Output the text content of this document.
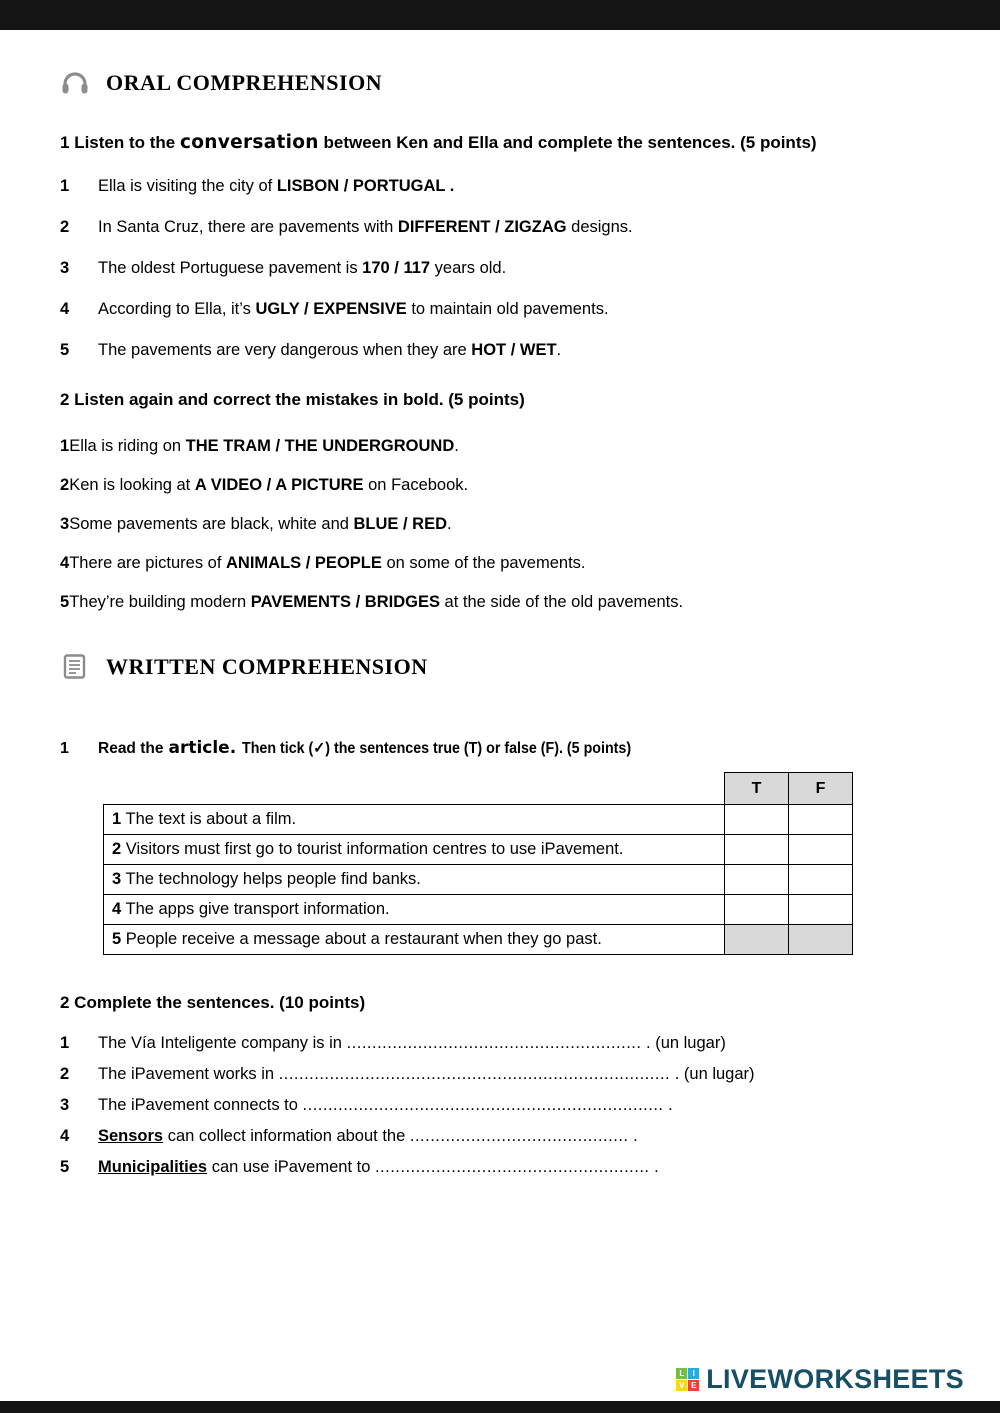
ORAL COMPREHENSION

1 Listen to the conversation between Ken and Ella and complete the sentences. (5 points)

1 Ella is visiting the city of LISBON / PORTUGAL .
2 In Santa Cruz, there are pavements with DIFFERENT / ZIGZAG designs.
3 The oldest Portuguese pavement is 170 / 117 years old.
4 According to Ella, it’s UGLY / EXPENSIVE to maintain old pavements.
5 The pavements are very dangerous when they are HOT / WET.

2 Listen again and correct the mistakes in bold. (5 points)

1Ella is riding on THE TRAM / THE UNDERGROUND.

2Ken is looking at A VIDEO / A PICTURE on Facebook.

3Some pavements are black, white and BLUE / RED.

4There are pictures of ANIMALS / PEOPLE on some of the pavements.

5They’re building modern PAVEMENTS / BRIDGES at the side of the old pavements.

WRITTEN COMPREHENSION
1	Read the article. Then tick (✓) the sentences true (T) or false (F). (5 points)
	T	F
1 The text is about a film.		
2 Visitors must first go to tourist information centres to use iPavement.		
3 The technology helps people find banks.		
4 The apps give transport information.		
5 People receive a message about a restaurant when they go past.		

2 Complete the sentences. (10 points)

1 The Vía Inteligente company is in .......................................................... . (un lugar)
2 The iPavement works in ............................................................................. . (un lugar)
3 The iPavement connects to ....................................................................... .
4 Sensors can collect information about the ........................................... .
5 Municipalities can use iPavement to ...................................................... .
L	I
V E LIVEWORKSHEETS
